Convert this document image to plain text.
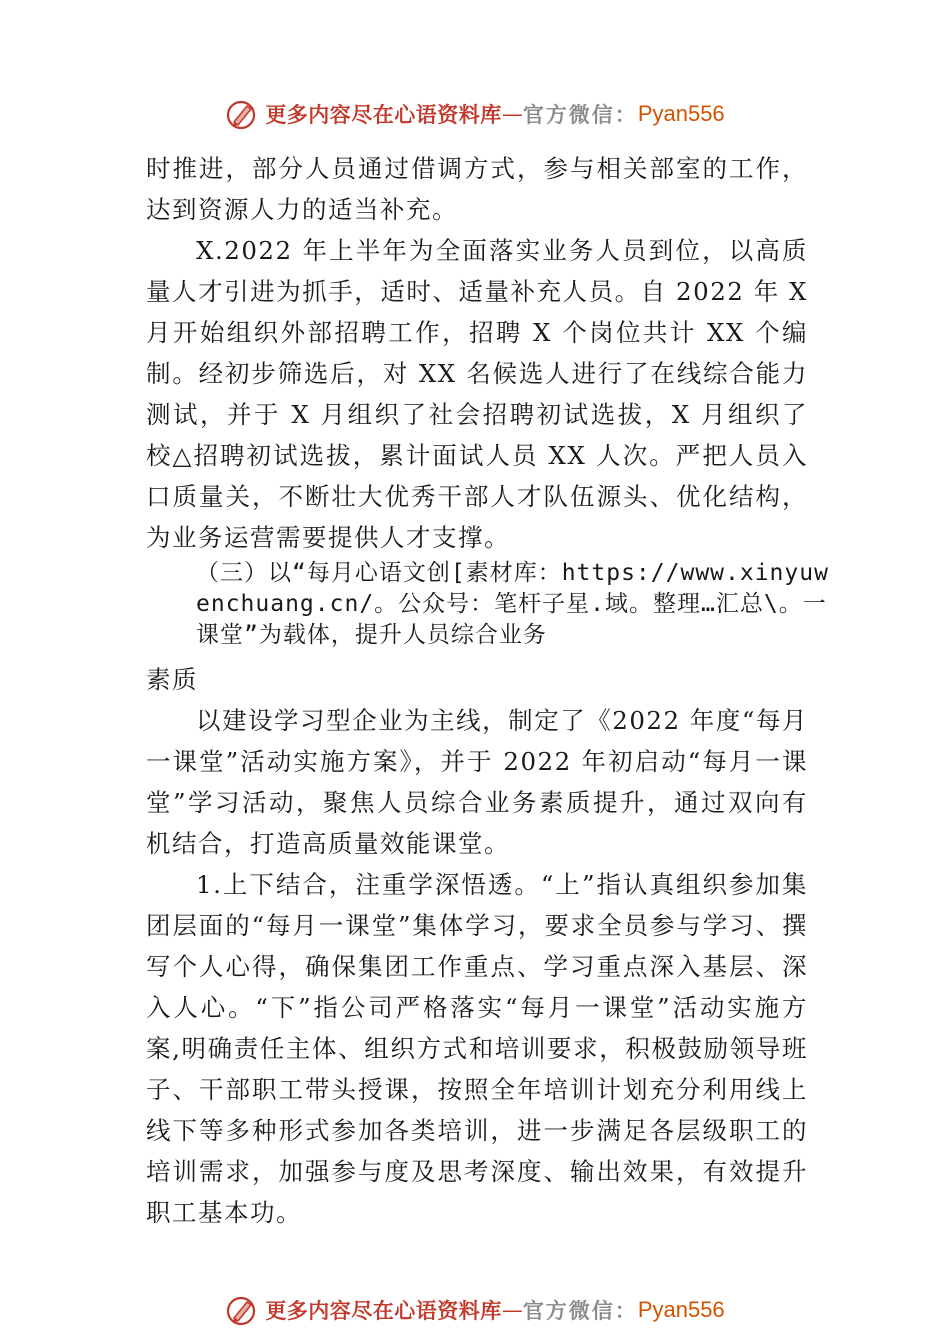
更多内容尽在心语资料库 — 官方微信： Pyan556

时推进，部分人员通过借调方式，参与相关部室的工作，达到资源人力的适当补充。

X.2022 年上半年为全面落实业务人员到位，以高质量人才引进为抓手，适时、适量补充人员。自 2022 年 X 月开始组织外部招聘工作，招聘 X 个岗位共计 XX 个编制。经初步筛选后，对 XX 名候选人进行了在线综合能力测试，并于 X 月组织了社会招聘初试选拔，X 月组织了校△招聘初试选拔，累计面试人员 XX 人次。严把人员入口质量关，不断壮大优秀干部人才队伍源头、优化结构，为业务运营需要提供人才支撑。

（三）以“每月心语文创[素材库：https://www.xinyuwenchuang.cn/。公众号：笔杆子星.域。整理…汇总\。一课堂”为载体，提升人员综合业务

素质

以建设学习型企业为主线，制定了《2022 年度“每月一课堂”活动实施方案》，并于 2022 年初启动“每月一课堂”学习活动，聚焦人员综合业务素质提升，通过双向有机结合，打造高质量效能课堂。

1.上下结合，注重学深悟透。“上”指认真组织参加集团层面的“每月一课堂”集体学习，要求全员参与学习、撰写个人心得，确保集团工作重点、学习重点深入基层、深入人心。“下”指公司严格落实“每月一课堂”活动实施方案,明确责任主体、组织方式和培训要求，积极鼓励领导班子、干部职工带头授课，按照全年培训计划充分利用线上线下等多种形式参加各类培训，进一步满足各层级职工的培训需求，加强参与度及思考深度、输出效果，有效提升职工基本功。

更多内容尽在心语资料库 — 官方微信： Pyan556
